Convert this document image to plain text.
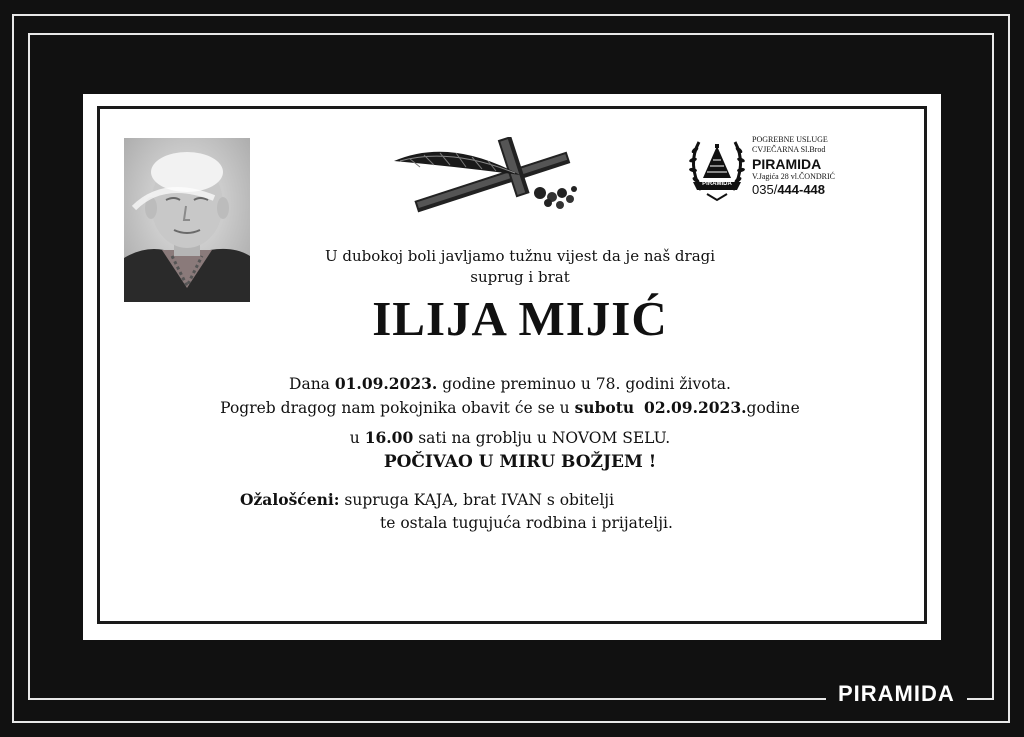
POGREBNE USLUGE
CVJEČARNA Sl.Brod
PIRAMIDA
V.Jagića 28 vl.ČONDRIĆ
035/444-448
PIRAMIDA
U dubokoj boli javljamo tužnu vijest da je naš dragi
suprug i brat
ILIJA MIJIĆ
Dana 01.09.2023. godine preminuo u 78. godini života.
Pogreb dragog nam pokojnika obavit će se u subotu 02.09.2023.godine
u 16.00 sati na groblju u NOVOM SELU.
POČIVAO U MIRU BOŽJEM !
Ožalošćeni: supruga KAJA, brat IVAN s obitelji
te ostala tugujuća rodbina i prijatelji.
PIRAMIDA
